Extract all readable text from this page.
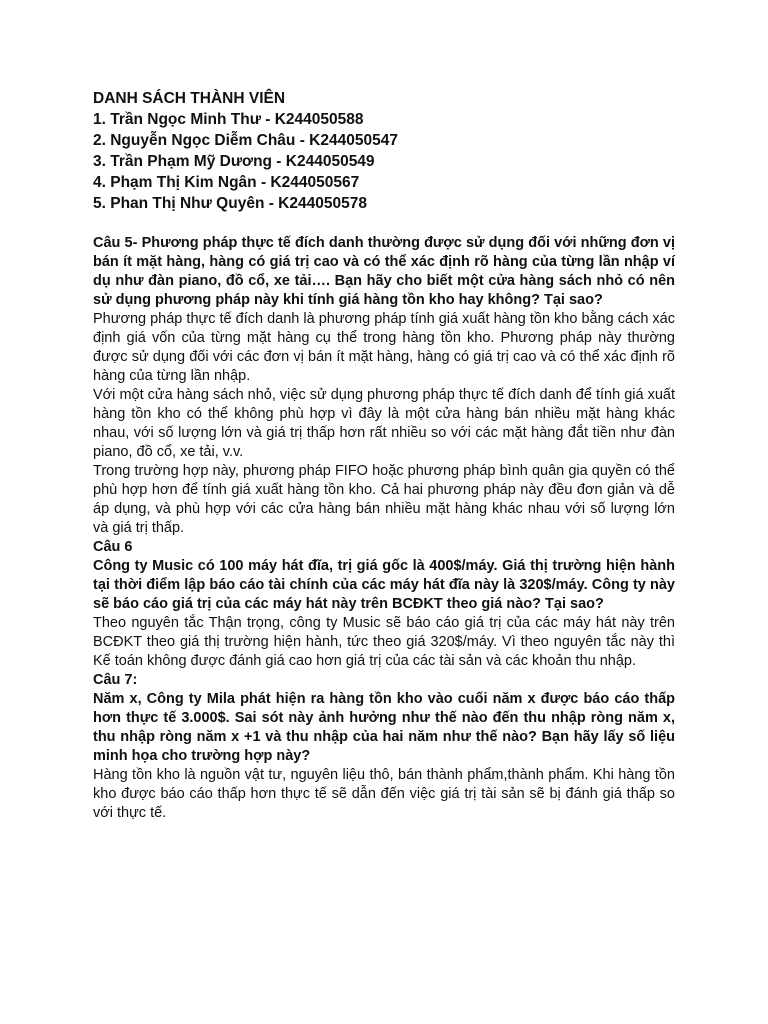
DANH SÁCH THÀNH VIÊN
1. Trần Ngọc Minh Thư - K244050588
2. Nguyễn Ngọc Diễm Châu - K244050547
3. Trần Phạm Mỹ Dương - K244050549
4. Phạm Thị Kim Ngân - K244050567
5. Phan Thị Như Quyên - K244050578

Câu 5- Phương pháp thực tế đích danh thường được sử dụng đối với những đơn vị bán ít mặt hàng, hàng có giá trị cao và có thể xác định rõ hàng của từng lần nhập ví dụ như đàn piano, đồ cổ, xe tải…. Bạn hãy cho biết một cửa hàng sách nhỏ có nên sử dụng phương pháp này khi tính giá hàng tồn kho hay không? Tại sao?

Phương pháp thực tế đích danh là phương pháp tính giá xuất hàng tồn kho bằng cách xác định giá vốn của từng mặt hàng cụ thể trong hàng tồn kho. Phương pháp này thường được sử dụng đối với các đơn vị bán ít mặt hàng, hàng có giá trị cao và có thể xác định rõ hàng của từng lần nhập.

Với một cửa hàng sách nhỏ, việc sử dụng phương pháp thực tế đích danh để tính giá xuất hàng tồn kho có thể không phù hợp vì đây là một cửa hàng bán nhiều mặt hàng khác nhau, với số lượng lớn và giá trị thấp hơn rất nhiều so với các mặt hàng đắt tiền như đàn piano, đồ cổ, xe tải, v.v.

Trong trường hợp này, phương pháp FIFO hoặc phương pháp bình quân gia quyền có thể phù hợp hơn để tính giá xuất hàng tồn kho. Cả hai phương pháp này đều đơn giản và dễ áp dụng, và phù hợp với các cửa hàng bán nhiều mặt hàng khác nhau với số lượng lớn và giá trị thấp.

Câu 6

Công ty Music có 100 máy hát đĩa, trị giá gốc là 400$/máy. Giá thị trường hiện hành tại thời điểm lập báo cáo tài chính của các máy hát đĩa này là 320$/máy. Công ty này sẽ báo cáo giá trị của các máy hát này trên BCĐKT theo giá nào? Tại sao?

Theo nguyên tắc Thận trọng, công ty Music sẽ báo cáo giá trị của các máy hát này trên BCĐKT theo giá thị trường hiện hành, tức theo giá 320$/máy. Vì theo nguyên tắc này thì Kế toán không được đánh giá cao hơn giá trị của các tài sản và các khoản thu nhập.

Câu 7:

Năm x, Công ty Mila phát hiện ra hàng tồn kho vào cuối năm x được báo cáo thấp hơn thực tế 3.000$. Sai sót này ảnh hưởng như thế nào đến thu nhập ròng năm x, thu nhập ròng năm x +1 và thu nhập của hai năm như thế nào? Bạn hãy lấy số liệu minh họa cho trường hợp này?

Hàng tồn kho là nguồn vật tư, nguyên liệu thô, bán thành phẩm,thành phẩm. Khi hàng tồn kho được báo cáo thấp hơn thực tế sẽ dẫn đến việc giá trị tài sản sẽ bị đánh giá thấp so với thực tế.
